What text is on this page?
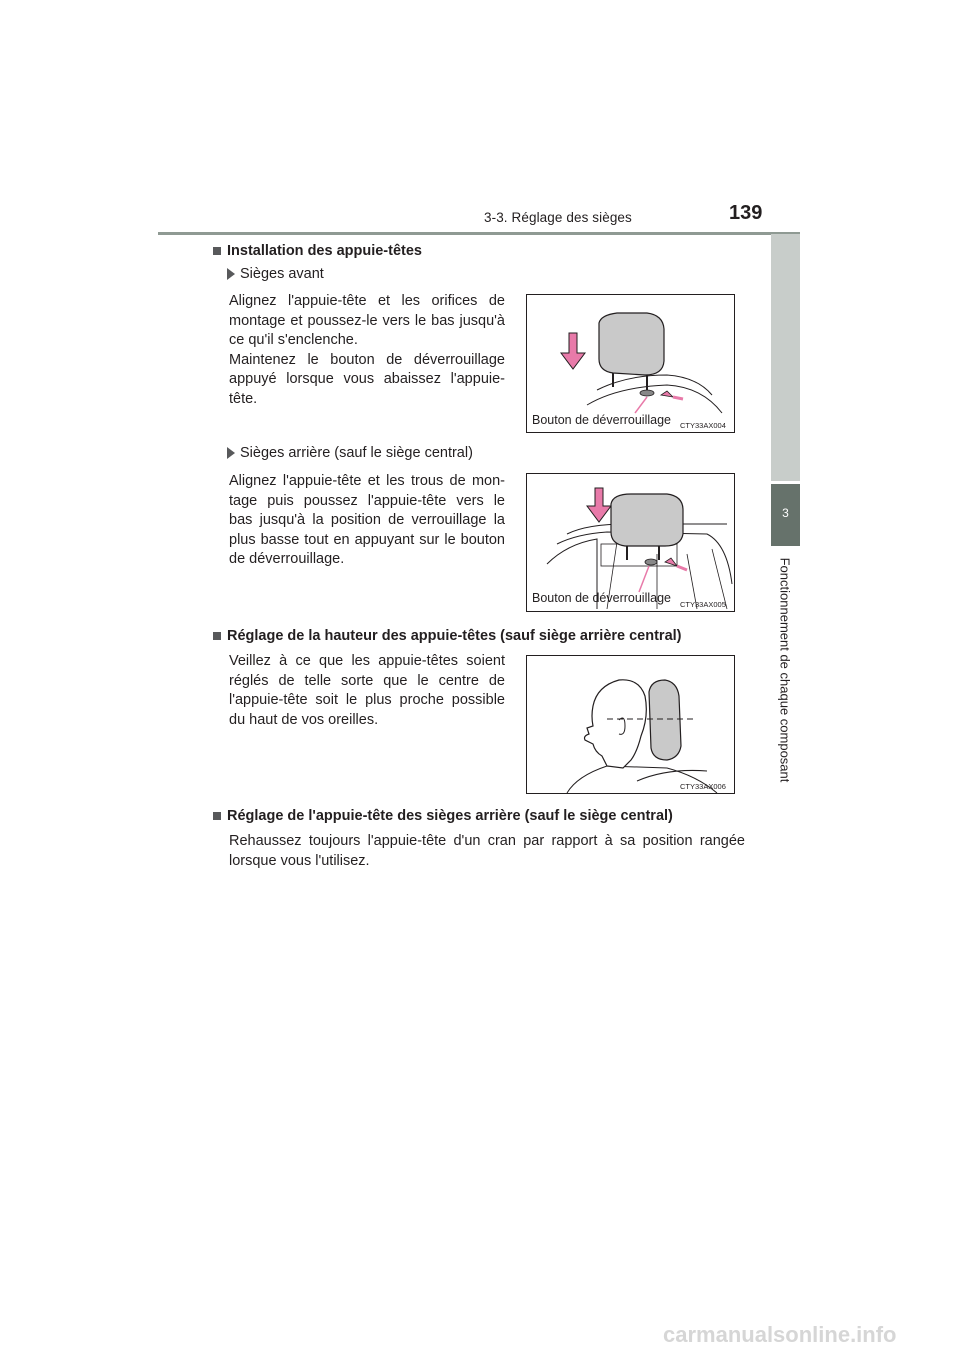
3-3. Réglage des sièges	139
3
Fonctionnement de chaque composant
Installation des appuie-têtes
Sièges avant
Alignez l'appuie-tête et les orifices de
montage et poussez-le vers le bas jusqu'à
ce qu'il s'enclenche.
Maintenez le bouton de déverrouillage
appuyé lorsque vous abaissez l'appuie-
tête.
Bouton de déverrouillage CTY33AX004
Sièges arrière (sauf le siège central)
Alignez l'appuie-tête et les trous de mon-
tage puis poussez l'appuie-tête vers le
bas jusqu'à la position de verrouillage la
plus basse tout en appuyant sur le bouton
de déverrouillage.
Bouton de déverrouillage CTY33AX005
Réglage de la hauteur des appuie-têtes (sauf siège arrière central)
Veillez à ce que les appuie-têtes soient
réglés de telle sorte que le centre de
l'appuie-tête soit le plus proche possible
du haut de vos oreilles.
CTY33AX006
Réglage de l'appuie-tête des sièges arrière (sauf le siège central)
Rehaussez toujours l'appuie-tête d'un cran par rapport à sa position rangée
lorsque vous l'utilisez.
carmanualsonline.info
